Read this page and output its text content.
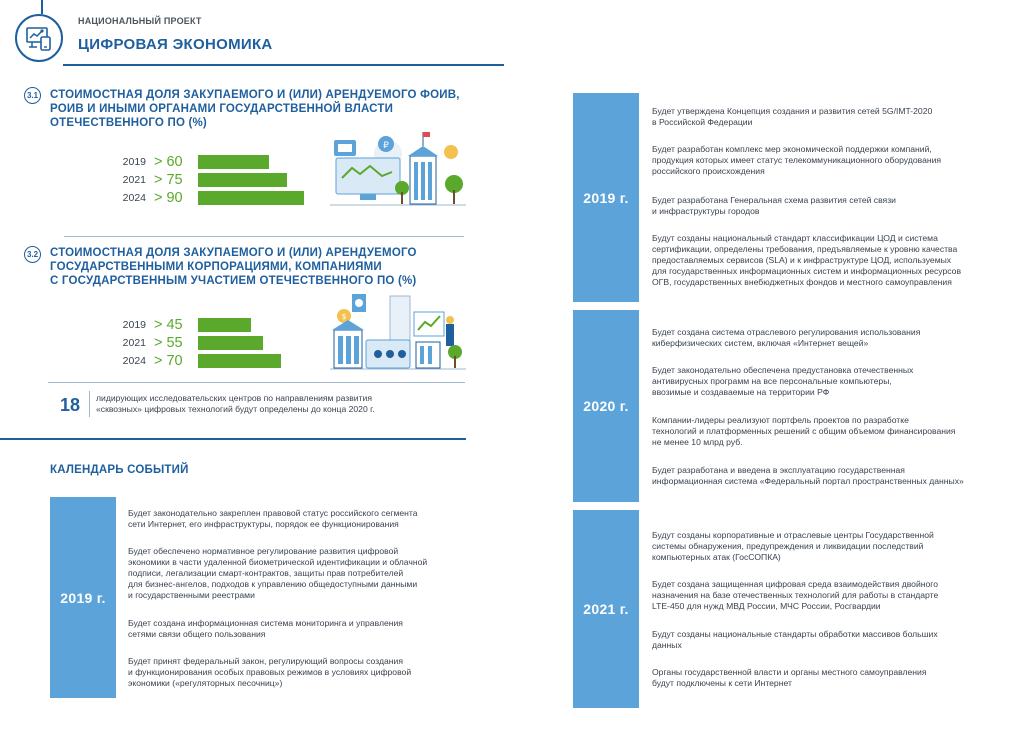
НАЦИОНАЛЬНЫЙ ПРОЕКТ
ЦИФРОВАЯ ЭКОНОМИКА
3.1 СТОИМОСТНАЯ ДОЛЯ ЗАКУПАЕМОГО И (ИЛИ) АРЕНДУЕМОГО ФОИВ,
РОИВ И ИНЫМИ ОРГАНАМИ ГОСУДАРСТВЕННОЙ ВЛАСТИ
ОТЕЧЕСТВЕННОГО ПО (%)
2019 > 60
2021 > 75
2024 > 90
₽
3.2 СТОИМОСТНАЯ ДОЛЯ ЗАКУПАЕМОГО И (ИЛИ) АРЕНДУЕМОГО
ГОСУДАРСТВЕННЫМИ КОРПОРАЦИЯМИ, КОМПАНИЯМИ
С ГОСУДАРСТВЕННЫМ УЧАСТИЕМ ОТЕЧЕСТВЕННОГО ПО (%)
2019 > 45
2021 > 55
2024 > 70
$
18 лидирующих исследовательских центров по направлениям развития
«сквозных» цифровых технологий будут определены до конца 2020 г.
КАЛЕНДАРЬ СОБЫТИЙ
2019 г.
Будет законодательно закреплен правовой статус российского сегмента
сети Интернет, его инфраструктуры, порядок ее функционирования
Будет обеспечено нормативное регулирование развития цифровой
экономики в части удаленной биометрической идентификации и облачной
подписи, легализации смарт-контрактов, защиты прав потребителей
для бизнес-ангелов, подходов к управлению общедоступными данными
и государственными реестрами
Будет создана информационная система мониторинга и управления
сетями связи общего пользования
Будет принят федеральный закон, регулирующий вопросы создания
и функционирования особых правовых режимов в условиях цифровой
экономики («регуляторных песочниц»)
2019 г.
Будет утверждена Концепция создания и развития сетей 5G/IMT-2020
в Российской Федерации
Будет разработан комплекс мер экономической поддержки компаний,
продукция которых имеет статус телекоммуникационного оборудования
российского происхождения
Будет разработана Генеральная схема развития сетей связи
и инфраструктуры городов
Будут созданы национальный стандарт классификации ЦОД и система
сертификации, определены требования, предъявляемые к уровню качества
предоставляемых сервисов (SLA) и к инфраструктуре ЦОД, используемых
для государственных информационных систем и информационных ресурсов
ОГВ, государственных внебюджетных фондов и местного самоуправления
2020 г.
Будет создана система отраслевого регулирования использования
киберфизических систем, включая «Интернет вещей»
Будет законодательно обеспечена предустановка отечественных
антивирусных программ на все персональные компьютеры,
ввозимые и создаваемые на территории РФ
Компании-лидеры реализуют портфель проектов по разработке
технологий и платформенных решений с общим объемом финансирования
не менее 10 млрд руб.
Будет разработана и введена в эксплуатацию государственная
информационная система «Федеральный портал пространственных данных»
2021 г.
Будут созданы корпоративные и отраслевые центры Государственной
системы обнаружения, предупреждения и ликвидации последствий
компьютерных атак (ГосСОПКА)
Будет создана защищенная цифровая среда взаимодействия двойного
назначения на базе отечественных технологий для работы в стандарте
LTE-450 для нужд МВД России, МЧС России, Росгвардии
Будут созданы национальные стандарты обработки массивов больших
данных
Органы государственной власти и органы местного самоуправления
будут подключены к сети Интернет
